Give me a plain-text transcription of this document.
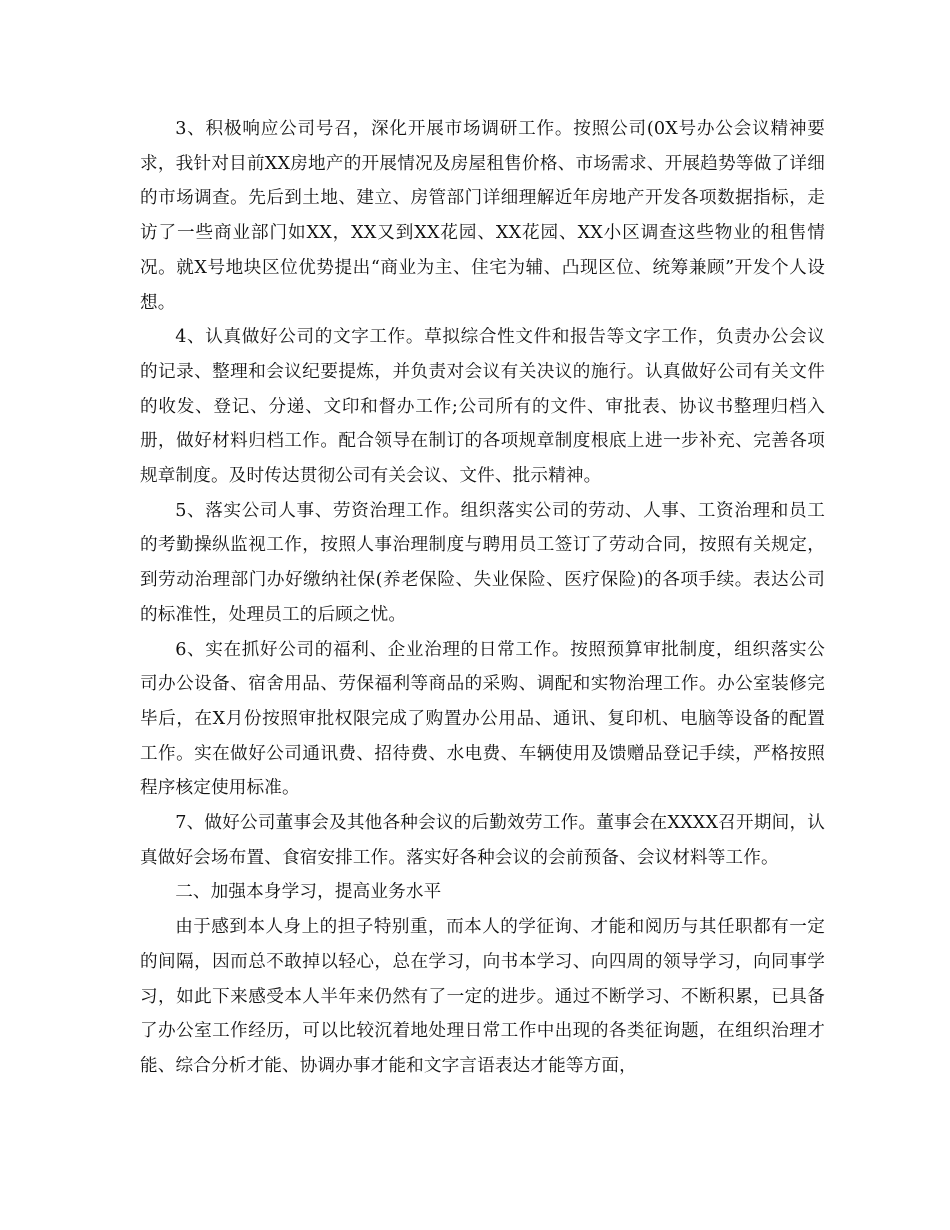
3、积极响应公司号召，深化开展市场调研工作。按照公司(0X号办公会议精神要求，我针对目前XX房地产的开展情况及房屋租售价格、市场需求、开展趋势等做了详细的市场调查。先后到土地、建立、房管部门详细理解近年房地产开发各项数据指标，走访了一些商业部门如XX，XX又到XX花园、XX花园、XX小区调查这些物业的租售情况。就X号地块区位优势提出“商业为主、住宅为辅、凸现区位、统筹兼顾”开发个人设想。

4、认真做好公司的文字工作。草拟综合性文件和报告等文字工作，负责办公会议的记录、整理和会议纪要提炼，并负责对会议有关决议的施行。认真做好公司有关文件的收发、登记、分递、文印和督办工作;公司所有的文件、审批表、协议书整理归档入册，做好材料归档工作。配合领导在制订的各项规章制度根底上进一步补充、完善各项规章制度。及时传达贯彻公司有关会议、文件、批示精神。

5、落实公司人事、劳资治理工作。组织落实公司的劳动、人事、工资治理和员工的考勤操纵监视工作，按照人事治理制度与聘用员工签订了劳动合同，按照有关规定，到劳动治理部门办好缴纳社保(养老保险、失业保险、医疗保险)的各项手续。表达公司的标准性，处理员工的后顾之忧。

6、实在抓好公司的福利、企业治理的日常工作。按照预算审批制度，组织落实公司办公设备、宿舍用品、劳保福利等商品的采购、调配和实物治理工作。办公室装修完毕后，在X月份按照审批权限完成了购置办公用品、通讯、复印机、电脑等设备的配置工作。实在做好公司通讯费、招待费、水电费、车辆使用及馈赠品登记手续，严格按照程序核定使用标准。

7、做好公司董事会及其他各种会议的后勤效劳工作。董事会在XXXX召开期间，认真做好会场布置、食宿安排工作。落实好各种会议的会前预备、会议材料等工作。

二、加强本身学习，提高业务水平

由于感到本人身上的担子特别重，而本人的学征询、才能和阅历与其任职都有一定的间隔，因而总不敢掉以轻心，总在学习，向书本学习、向四周的领导学习，向同事学习，如此下来感受本人半年来仍然有了一定的进步。通过不断学习、不断积累，已具备了办公室工作经历，可以比较沉着地处理日常工作中出现的各类征询题，在组织治理才能、综合分析才能、协调办事才能和文字言语表达才能等方面，
